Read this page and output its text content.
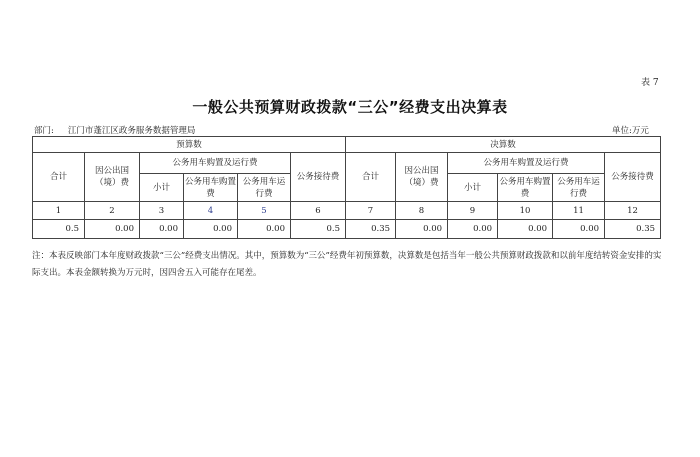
表 7
一般公共预算财政拨款“三公”经费支出决算表
部门: 江门市蓬江区政务服务数据管理局	单位:万元
预算数						决算数					
合计	因公出国（境）费	公务用车购置及运行费			公务接待费	合计	因公出国（境）费	公务用车购置及运行费			公务接待费
		小计	公务用车购置费	公务用车运行费				小计	公务用车购置费	公务用车运行费	
1	2	3	4	5	6	7	8	9	10	11	12
0.5	0.00	0.00	0.00	0.00	0.5	0.35	0.00	0.00	0.00	0.00	0.35
注：本表反映部门本年度财政拨款“三公”经费支出情况。其中，预算数为“三公”经费年初预算数，决算数是包括当年一般公共预算财政拨款和以前年度结转资金安排的实际支出。本表金额转换为万元时，因四舍五入可能存在尾差。
